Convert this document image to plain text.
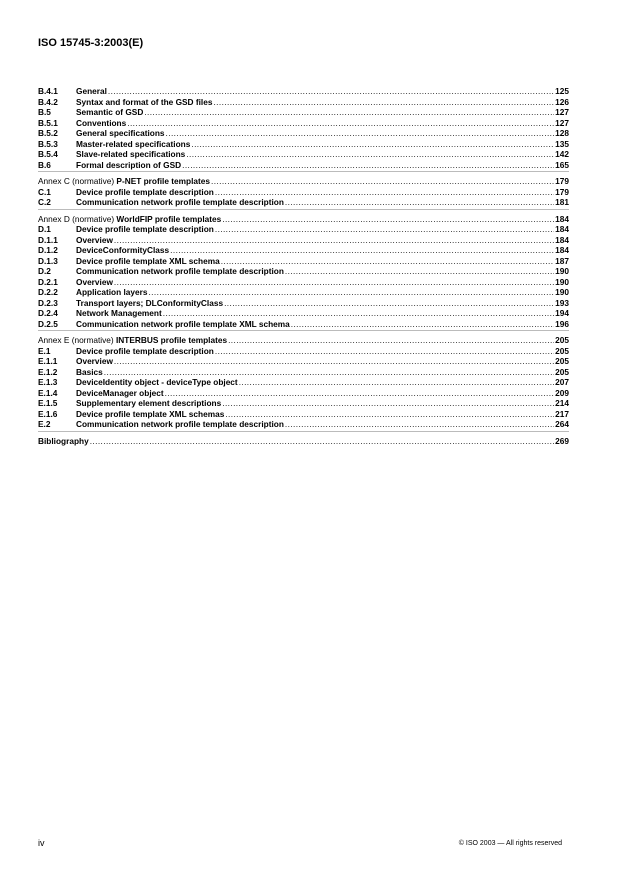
ISO 15745-3:2003(E)
B.4.1	General .....	125
B.4.2	Syntax and format of the GSD files .....	126
B.5	Semantic of GSD .....	127
B.5.1	Conventions .....	127
B.5.2	General specifications .....	128
B.5.3	Master-related specifications .....	135
B.5.4	Slave-related specifications .....	142
B.6	Formal description of GSD .....	165
Annex C (normative) P-NET profile templates .....	179
C.1	Device profile template description .....	179
C.2	Communication network profile template description .....	181
Annex D (normative) WorldFIP profile templates .....	184
D.1	Device profile template description .....	184
D.1.1	Overview .....	184
D.1.2	DeviceConformityClass .....	184
D.1.3	Device profile template XML schema .....	187
D.2	Communication network profile template description .....	190
D.2.1	Overview .....	190
D.2.2	Application layers .....	190
D.2.3	Transport layers; DLConformityClass .....	193
D.2.4	Network Management .....	194
D.2.5	Communication network profile template XML schema .....	196
Annex E (normative) INTERBUS profile templates .....	205
E.1	Device profile template description .....	205
E.1.1	Overview .....	205
E.1.2	Basics .....	205
E.1.3	DeviceIdentity object - deviceType object .....	207
E.1.4	DeviceManager object .....	209
E.1.5	Supplementary element descriptions .....	214
E.1.6	Device profile template XML schemas .....	217
E.2	Communication network profile template description .....	264
Bibliography .....	269
iv	© ISO 2003 — All rights reserved
